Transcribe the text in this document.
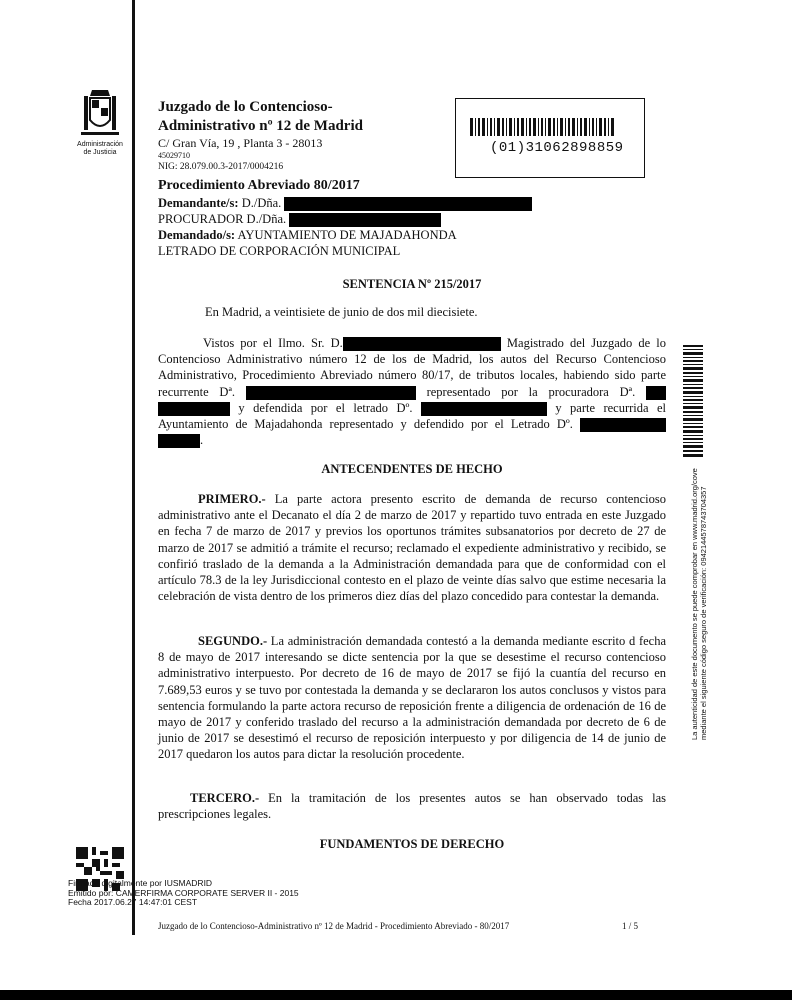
Administración
de Justicia
Juzgado de lo Contencioso-
Administrativo nº 12 de Madrid
C/ Gran Vía, 19 , Planta 3 - 28013
45029710
NIG: 28.079.00.3-2017/0004216
(01)31062898859
Procedimiento Abreviado 80/2017
Demandante/s: D./Dña.
PROCURADOR D./Dña.
Demandado/s: AYUNTAMIENTO DE MAJADAHONDA
LETRADO DE CORPORACIÓN MUNICIPAL
SENTENCIA Nº 215/2017
En Madrid, a veintisiete de junio de dos mil diecisiete.
Vistos por el Ilmo. Sr. D.	Magistrado del Juzgado de lo Contencioso Administrativo número 12 de los de Madrid, los autos del Recurso Contencioso Administrativo, Procedimiento Abreviado número 80/17, de tributos locales, habiendo sido parte recurrente Dª.	representado por la procuradora Dª.   y defendida por el letrado Dº.	y parte recurrida el Ayuntamiento de Majadahonda representado y defendido por el Letrado Dº.  .
ANTECENDENTES DE HECHO
PRIMERO.- La parte actora presento escrito de demanda de recurso contencioso administrativo ante el Decanato el día 2 de marzo de 2017 y repartido tuvo entrada en este Juzgado en fecha 7 de marzo de 2017 y previos los oportunos trámites subsanatorios por decreto de 27 de marzo de 2017 se admitió a trámite el recurso; reclamado el expediente administrativo y recibido, se confirió traslado de la demanda a la Administración demandada para que de conformidad con el artículo 78.3 de la ley Jurisdiccional contesto en el plazo de veinte días salvo que estime necesaria la celebración de vista dentro de los primeros diez días del plazo concedido para contestar la demanda.
SEGUNDO.- La administración demandada contestó a la demanda mediante escrito d fecha 8 de mayo de 2017 interesando se dicte sentencia por la que se desestime el recurso contencioso administrativo interpuesto. Por decreto de 16 de mayo de 2017 se fijó la cuantía del recurso en 7.689,53 euros y se tuvo por contestada la demanda y se declararon los autos conclusos y vistos para sentencia formulando la parte actora recurso de reposición frente a diligencia de ordenación de 16 de mayo de 2017 y conferido traslado del recurso a la administración demandada por decreto de 6 de junio de 2017 se desestimó el recurso de reposición interpuesto y por diligencia de 14 de junio de 2017 quedaron los autos para dictar la resolución procedente.
TERCERO.- En la tramitación de los presentes autos se han observado todas las prescripciones legales.
FUNDAMENTOS DE DERECHO
La autenticidad de este documento se puede comprobar en www.madrid.org/cove mediante el siguiente código seguro de verificación: 0942144578743704357
Firmado digitalmente por IUSMADRID
Emitido por: CAMERFIRMA CORPORATE SERVER II - 2015
Fecha 2017.06.27 14:47:01 CEST
Juzgado de lo Contencioso-Administrativo nº 12 de Madrid - Procedimiento Abreviado - 80/2017	1 / 5
